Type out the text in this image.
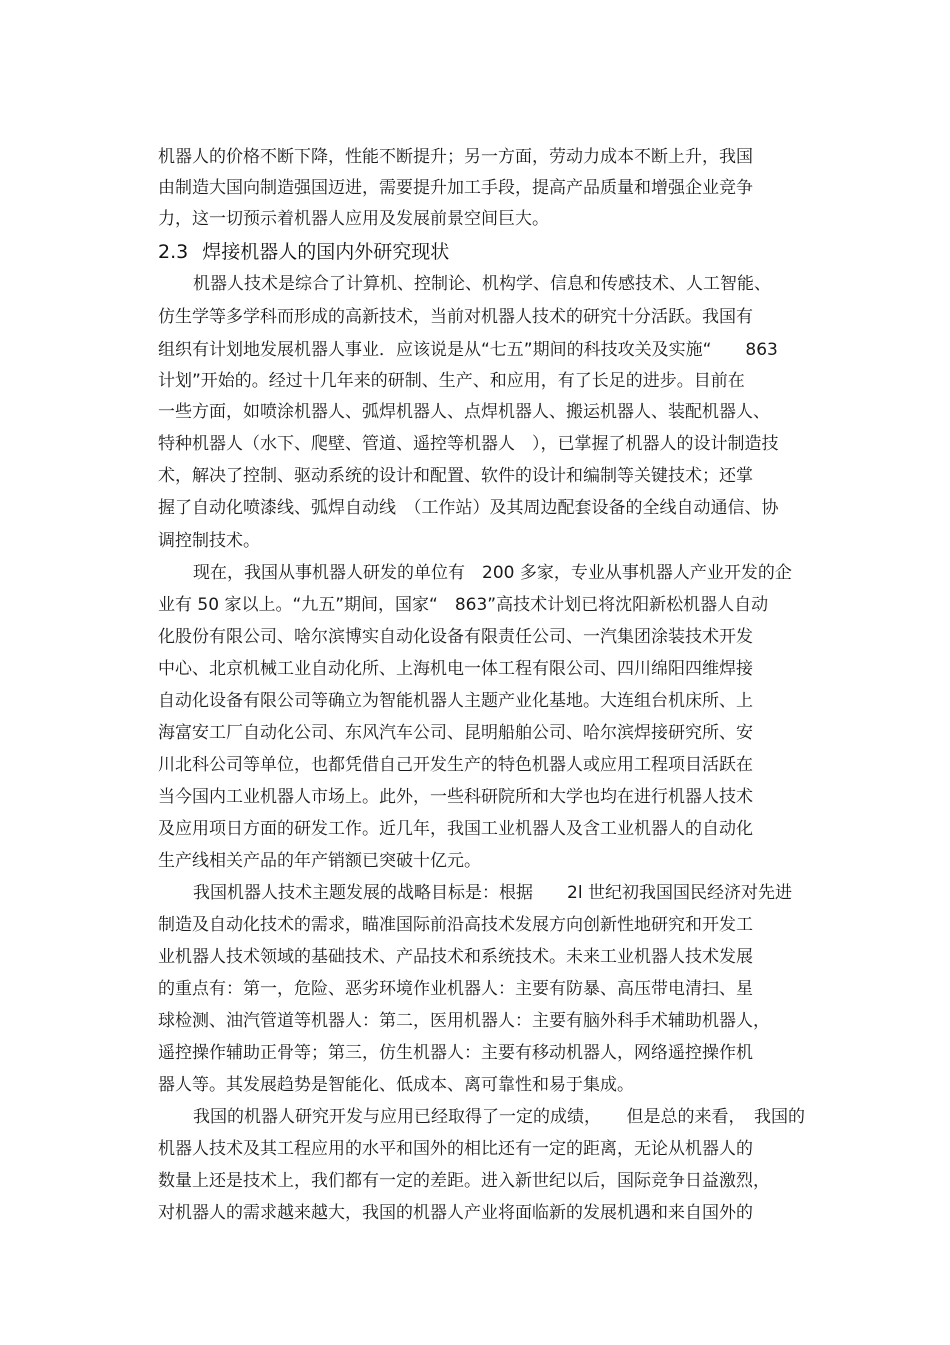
机器人的价格不断下降，性能不断提升；另一方面，劳动力成本不断上升，我国
由制造大国向制造强国迈进，需要提升加工手段，提高产品质量和增强企业竞争
力，这一切预示着机器人应用及发展前景空间巨大。
2.3 焊接机器人的国内外研究现状
机器人技术是综合了计算机、控制论、机构学、信息和传感技术、人工智能、
仿生学等多学科而形成的高新技术，当前对机器人技术的研究十分活跃。我国有
组织有计划地发展机器人事业．应该说是从“七五”期间的科技攻关及实施“　　863
计划”开始的。经过十几年来的研制、生产、和应用，有了长足的进步。目前在
一些方面，如喷涂机器人、弧焊机器人、点焊机器人、搬运机器人、装配机器人、
特种机器人（水下、爬壁、管道、遥控等机器人　），已掌握了机器人的设计制造技
术，解决了控制、驱动系统的设计和配置、软件的设计和编制等关键技术；还掌
握了自动化喷漆线、弧焊自动线　（工作站）及其周边配套设备的全线自动通信、协
调控制技术。
现在，我国从事机器人研发的单位有　200 多家，专业从事机器人产业开发的企
业有 50 家以上。“九五”期间，国家“　863”高技术计划已将沈阳新松机器人自动
化股份有限公司、啥尔滨博实自动化设备有限责任公司、一汽集团涂装技术开发
中心、北京机械工业自动化所、上海机电一体工程有限公司、四川绵阳四维焊接
自动化设备有限公司等确立为智能机器人主题产业化基地。大连组台机床所、上
海富安工厂自动化公司、东风汽车公司、昆明船舶公司、哈尔滨焊接研究所、安
川北科公司等单位，也都凭借自己开发生产的特色机器人或应用工程项目活跃在
当今国内工业机器人市场上。此外，一些科研院所和大学也均在进行机器人技术
及应用项日方面的研发工作。近几年，我国工业机器人及含工业机器人的自动化
生产线相关产品的年产销额已突破十亿元。
我国机器人技术主题发展的战略目标是：根据　　2l 世纪初我国国民经济对先进
制造及自动化技术的需求，瞄准国际前沿高技术发展方向创新性地研究和开发工
业机器人技术领域的基础技术、产品技术和系统技术。未来工业机器人技术发展
的重点有：第一，危险、恶劣环境作业机器人：主要有防暴、高压带电清扫、星
球检测、油汽管道等机器人：第二，医用机器人：主要有脑外科手术辅助机器人，
遥控操作辅助正骨等；第三，仿生机器人：主要有移动机器人，网络遥控操作机
器人等。其发展趋势是智能化、低成本、离可靠性和易于集成。
我国的机器人研究开发与应用已经取得了一定的成绩，　　但是总的来看，　我国的
机器人技术及其工程应用的水平和国外的相比还有一定的距离，无论从机器人的
数量上还是技术上，我们都有一定的差距。进入新世纪以后，国际竞争日益激烈，
对机器人的需求越来越大，我国的机器人产业将面临新的发展机遇和来自国外的
